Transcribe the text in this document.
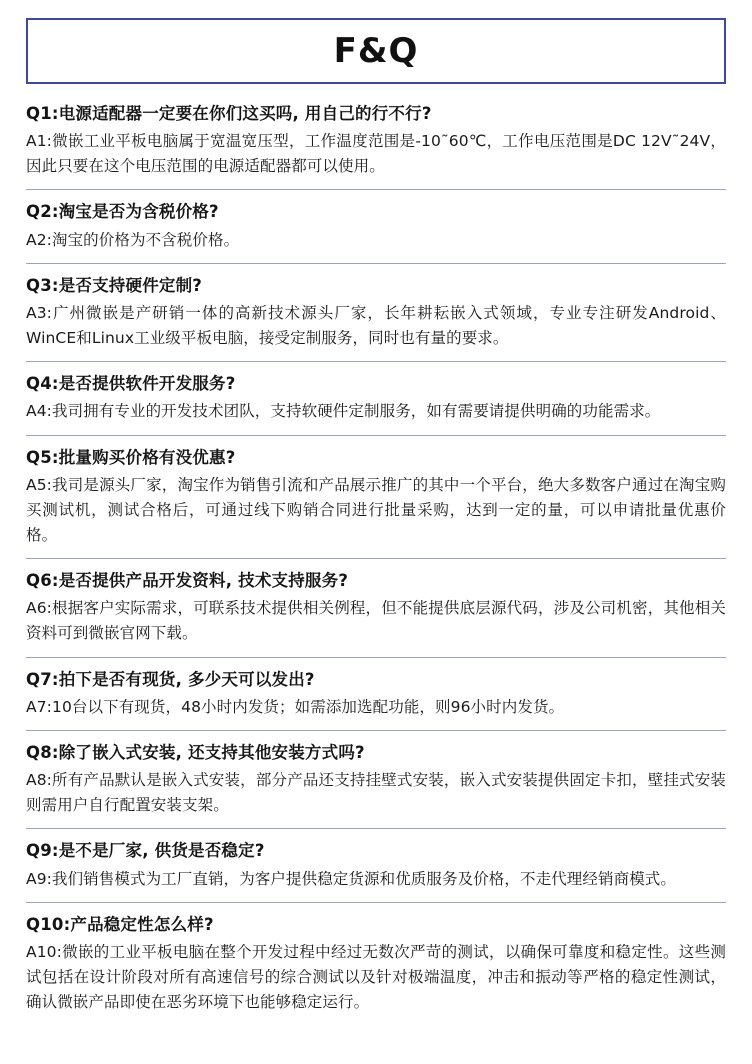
F&Q
Q1:电源适配器一定要在你们这买吗, 用自己的行不行?
A1:微嵌工业平板电脑属于宽温宽压型，工作温度范围是-10˜60℃，工作电压范围是DC 12V˜24V，因此只要在这个电压范围的电源适配器都可以使用。
Q2:淘宝是否为含税价格?
A2:淘宝的价格为不含税价格。
Q3:是否支持硬件定制?
A3:广州微嵌是产研销一体的高新技术源头厂家，长年耕耘嵌入式领域，专业专注研发Android、WinCE和Linux工业级平板电脑，接受定制服务，同时也有量的要求。
Q4:是否提供软件开发服务?
A4:我司拥有专业的开发技术团队，支持软硬件定制服务，如有需要请提供明确的功能需求。
Q5:批量购买价格有没优惠?
A5:我司是源头厂家，淘宝作为销售引流和产品展示推广的其中一个平台，绝大多数客户通过在淘宝购买测试机，测试合格后，可通过线下购销合同进行批量采购，达到一定的量，可以申请批量优惠价格。
Q6:是否提供产品开发资料, 技术支持服务?
A6:根据客户实际需求，可联系技术提供相关例程，但不能提供底层源代码，涉及公司机密，其他相关资料可到微嵌官网下载。
Q7:拍下是否有现货, 多少天可以发出?
A7:10台以下有现货，48小时内发货；如需添加选配功能，则96小时内发货。
Q8:除了嵌入式安装, 还支持其他安装方式吗?
A8:所有产品默认是嵌入式安装，部分产品还支持挂壁式安装，嵌入式安装提供固定卡扣，壁挂式安装则需用户自行配置安装支架。
Q9:是不是厂家, 供货是否稳定?
A9:我们销售模式为工厂直销，为客户提供稳定货源和优质服务及价格，不走代理经销商模式。
Q10:产品稳定性怎么样?
A10:微嵌的工业平板电脑在整个开发过程中经过无数次严苛的测试，以确保可靠度和稳定性。这些测试包括在设计阶段对所有高速信号的综合测试以及针对极端温度，冲击和振动等严格的稳定性测试，确认微嵌产品即使在恶劣环境下也能够稳定运行。
